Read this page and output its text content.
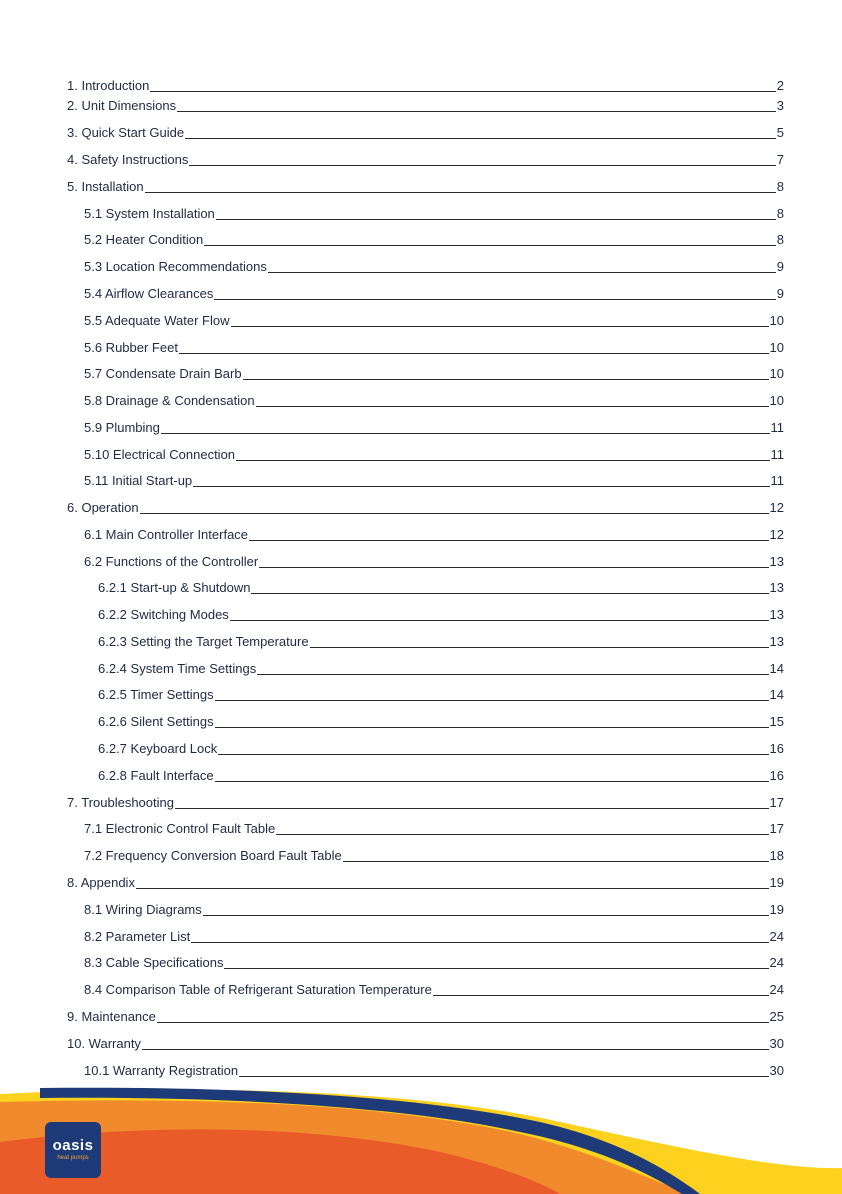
1. Introduction	2
2. Unit Dimensions	3
3. Quick Start Guide	5
4. Safety Instructions	7
5. Installation	8
5.1 System Installation	8
5.2 Heater Condition	8
5.3 Location Recommendations	9
5.4 Airflow Clearances	9
5.5 Adequate Water Flow	10
5.6 Rubber Feet	10
5.7 Condensate Drain Barb	10
5.8 Drainage & Condensation	10
5.9 Plumbing	11
5.10 Electrical Connection	11
5.11 Initial Start-up	11
6. Operation	12
6.1 Main Controller Interface	12
6.2 Functions of the Controller	13
6.2.1 Start-up & Shutdown	13
6.2.2 Switching Modes	13
6.2.3 Setting the Target Temperature	13
6.2.4 System Time Settings	14
6.2.5 Timer Settings	14
6.2.6 Silent Settings	15
6.2.7 Keyboard Lock	16
6.2.8 Fault Interface	16
7. Troubleshooting	17
7.1 Electronic Control Fault Table	17
7.2 Frequency Conversion Board Fault Table	18
8. Appendix	19
8.1 Wiring Diagrams	19
8.2 Parameter List	24
8.3 Cable Specifications	24
8.4 Comparison Table of Refrigerant Saturation Temperature	24
9. Maintenance	25
10. Warranty	30
10.1 Warranty Registration	30
oasis
heat pumps
